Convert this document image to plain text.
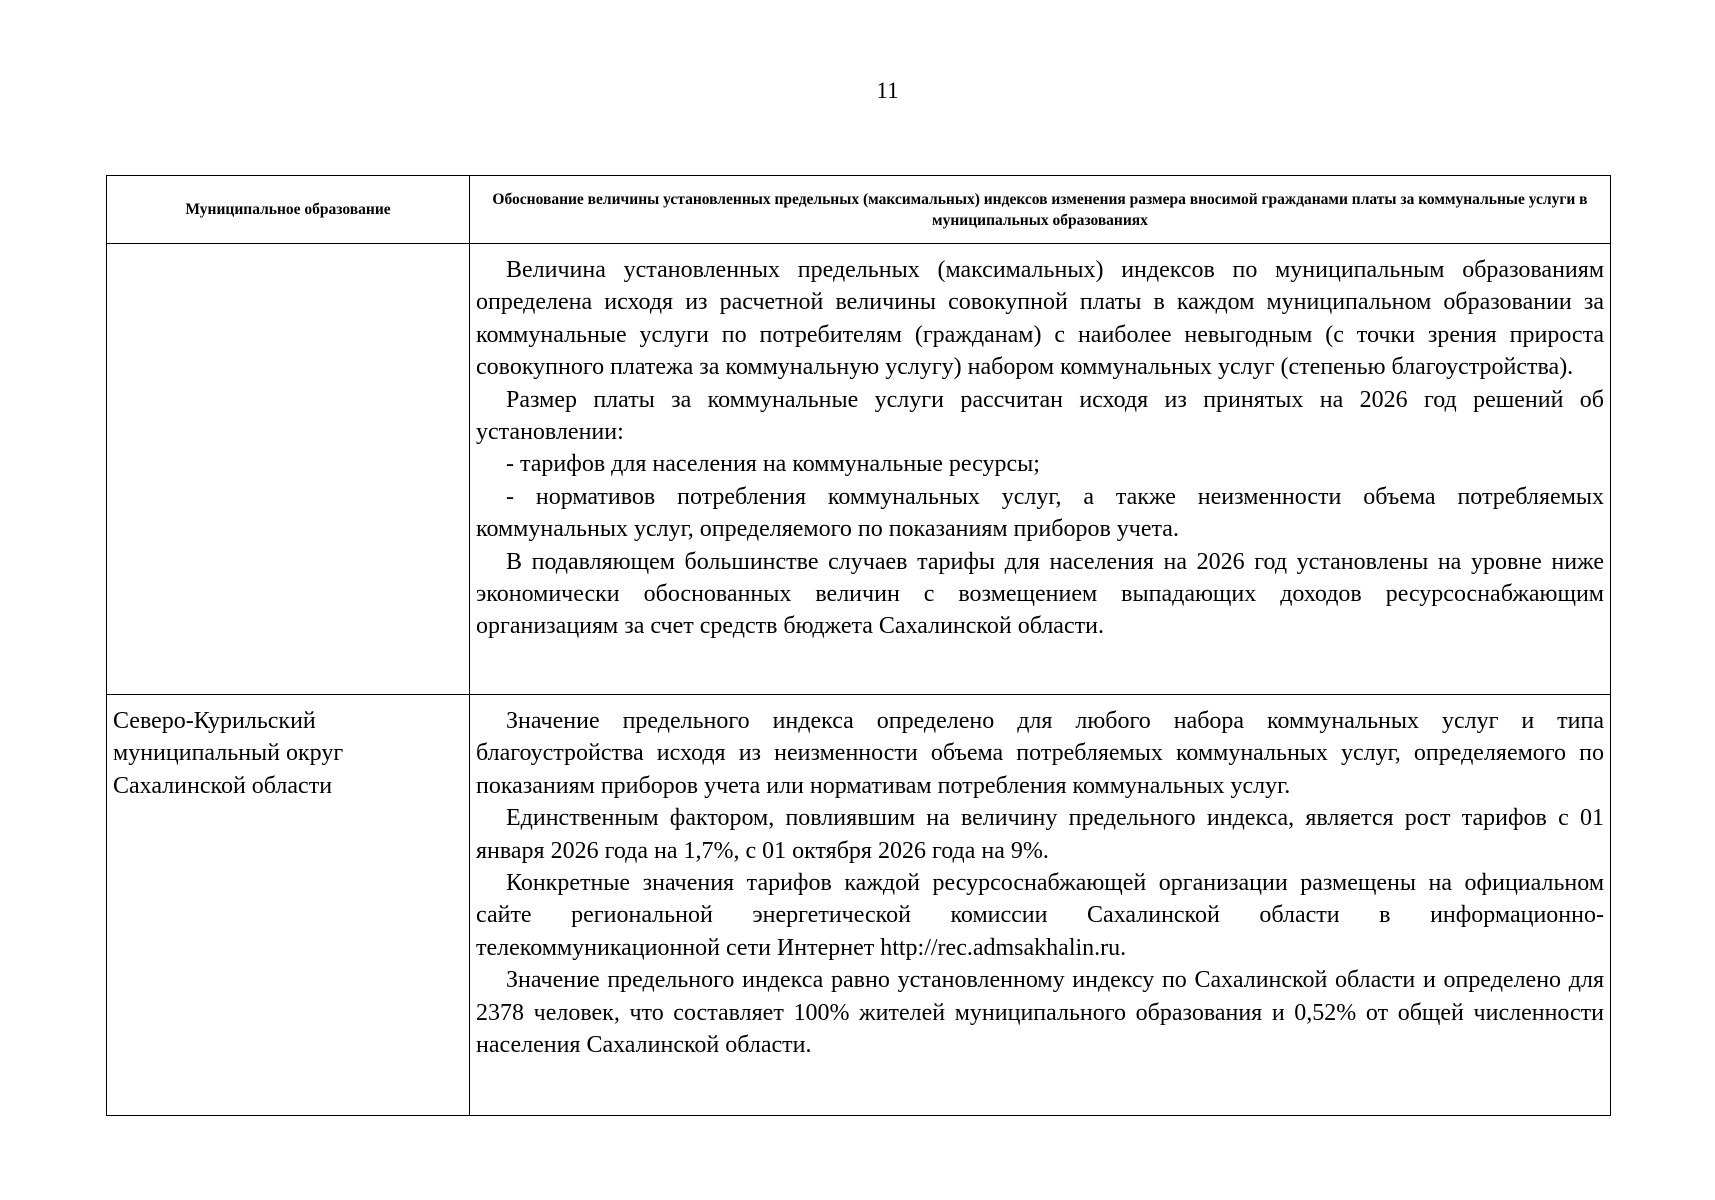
11
Муниципальное образование	Обоснование величины установленных предельных (максимальных) индексов изменения размера вносимой гражданами платы за коммунальные услуги в муниципальных образованиях

	Величина установленных предельных (максимальных) индексов по муниципальным образованиям определена исходя из расчетной величины совокупной платы в каждом муниципальном образовании за коммунальные услуги по потребителям (гражданам) с наиболее невыгодным (с точки зрения прироста совокупного платежа за коммунальную услугу) набором коммунальных услуг (степенью благоустройства).

Размер платы за коммунальные услуги рассчитан исходя из принятых на 2026 год решений об установлении:

- тарифов для населения на коммунальные ресурсы;

- нормативов потребления коммунальных услуг, а также неизменности объема потребляемых коммунальных услуг, определяемого по показаниям приборов учета.

В подавляющем большинстве случаев тарифы для населения на 2026 год установлены на уровне ниже экономически обоснованных величин с возмещением выпадающих доходов ресурсоснабжающим организациям за счет средств бюджета Сахалинской области.

Северо-Курильский муниципальный округ Сахалинской области	Значение предельного индекса определено для любого набора коммунальных услуг и типа благоустройства исходя из неизменности объема потребляемых коммунальных услуг, определяемого по показаниям приборов учета или нормативам потребления коммунальных услуг.

Единственным фактором, повлиявшим на величину предельного индекса, является рост тарифов с 01 января 2026 года на 1,7%, с 01 октября 2026 года на 9%.

Конкретные значения тарифов каждой ресурсоснабжающей организации размещены на официальном сайте региональной энергетической комиссии Сахалинской области в информационно-телекоммуникационной сети Интернет http://rec.admsakhalin.ru.

Значение предельного индекса равно установленному индексу по Сахалинской области и определено для 2378 человек, что составляет 100% жителей муниципального образования и 0,52% от общей численности населения Сахалинской области.
